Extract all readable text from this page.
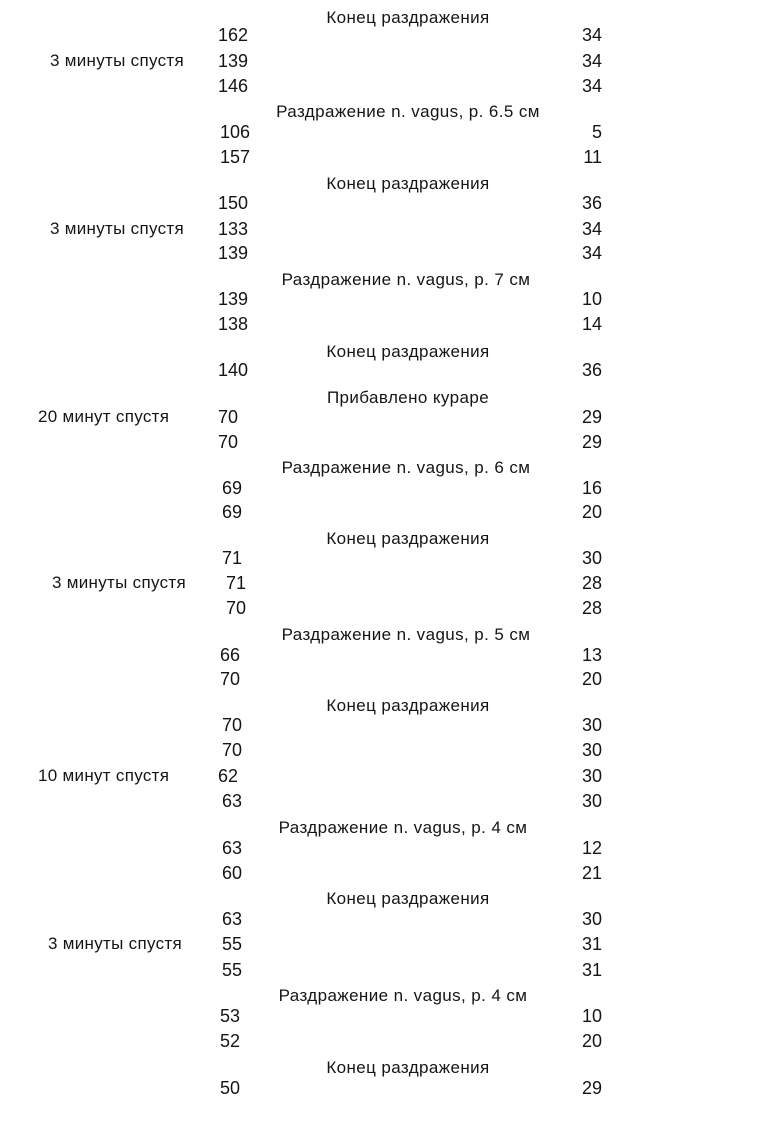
Конец раздражения
162	34
3 минуты спустя 139	34
146	34
Раздражение n. vagus, p. 6.5 см
106	5
157	11
Конец раздражения
150	36
3 минуты спустя 133	34
139	34
Раздражение n. vagus, p. 7 см
139	10
138	14
Конец раздражения
140	36
Прибавлено кураре
20 минут спустя	70	29
70	29
Раздражение n. vagus, p. 6 см
69	16
69	20
Конец раздражения
71	30
3 минуты спустя 71	28
70	28
Раздражение n. vagus, p. 5 см
66	13
70	20
Конец раздражения
70	30
70	30
10 минут спустя	62	30
63	30
Раздражение n. vagus, p. 4 см
63	12
60	21
Конец раздражения
63	30
3 минуты спустя 55	31
55	31
Раздражение n. vagus, p. 4 см
53	10
52	20
Конец раздражения
50	29
